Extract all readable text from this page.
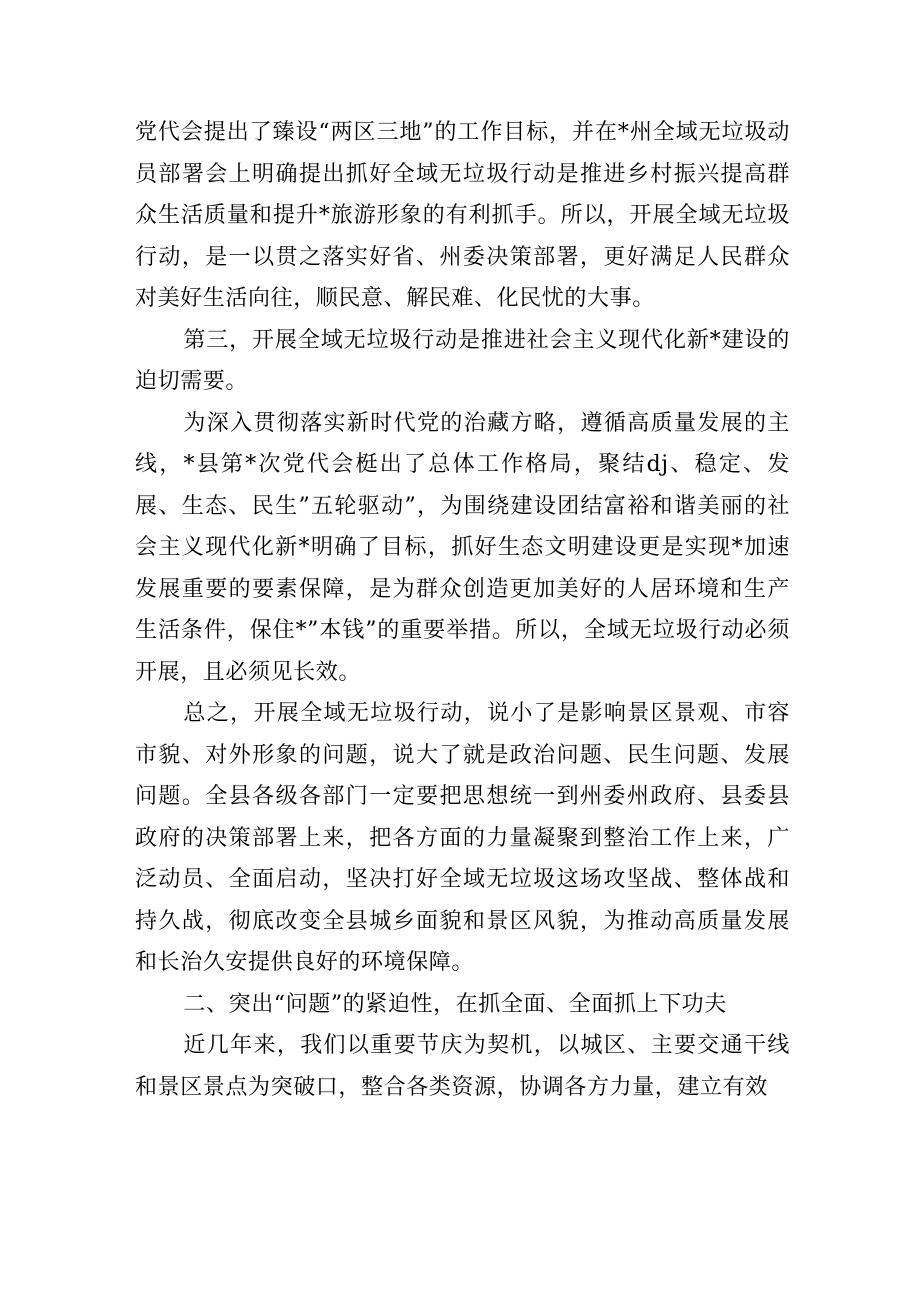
党代会提出了臻设“两区三地”的工作目标，并在*州全域无垃圾动员部署会上明确提出抓好全域无垃圾行动是推进乡村振兴提高群众生活质量和提升*旅游形象的有利抓手。所以，开展全域无垃圾行动，是一以贯之落实好省、州委决策部署，更好满足人民群众对美好生活向往，顺民意、解民难、化民忧的大事。

第三，开展全域无垃圾行动是推进社会主义现代化新*建设的迫切需要。

为深入贯彻落实新时代党的治藏方略，遵循高质量发展的主线，*县第*次党代会梃出了总体工作格局，聚结dj、稳定、发展、生态、民生”五轮驱动”，为围绕建设团结富裕和谐美丽的社会主义现代化新*明确了目标，抓好生态文明建设更是实现*加速发展重要的要素保障，是为群众创造更加美好的人居环境和生产生活条件，保住*”本钱”的重要举措。所以，全域无垃圾行动必须开展，且必须见长效。

总之，开展全域无垃圾行动，说小了是影响景区景观、市容市貌、对外形象的问题，说大了就是政治问题、民生问题、发展问题。全县各级各部门一定要把思想统一到州委州政府、县委县政府的决策部署上来，把各方面的力量凝聚到整治工作上来，广泛动员、全面启动，坚决打好全域无垃圾这场攻坚战、整体战和持久战，彻底改变全县城乡面貌和景区风貌，为推动高质量发展和长治久安提供良好的环境保障。

二、突出“问题”的紧迫性，在抓全面、全面抓上下功夫

近几年来，我们以重要节庆为契机，以城区、主要交通干线和景区景点为突破口，整合各类资源，协调各方力量，建立有效
